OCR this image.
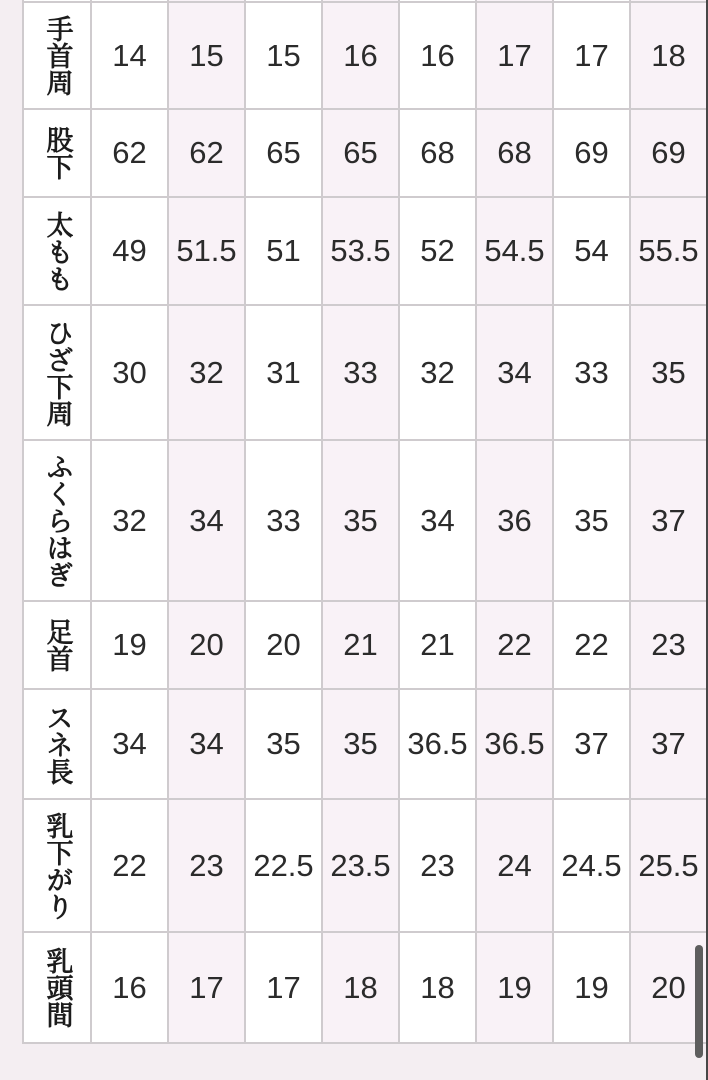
手首周	14	15	15	16	16	17	17	18
股下	62	62	65	65	68	68	69	69
太もも	49	51.5	51	53.5	52	54.5	54	55.5
ひざ下周	30	32	31	33	32	34	33	35
ふくらはぎ	32	34	33	35	34	36	35	37
足首	19	20	20	21	21	22	22	23
スネ長	34	34	35	35	36.5	36.5	37	37
乳下がり	22	23	22.5	23.5	23	24	24.5	25.5
乳頭間	16	17	17	18	18	19	19	20
